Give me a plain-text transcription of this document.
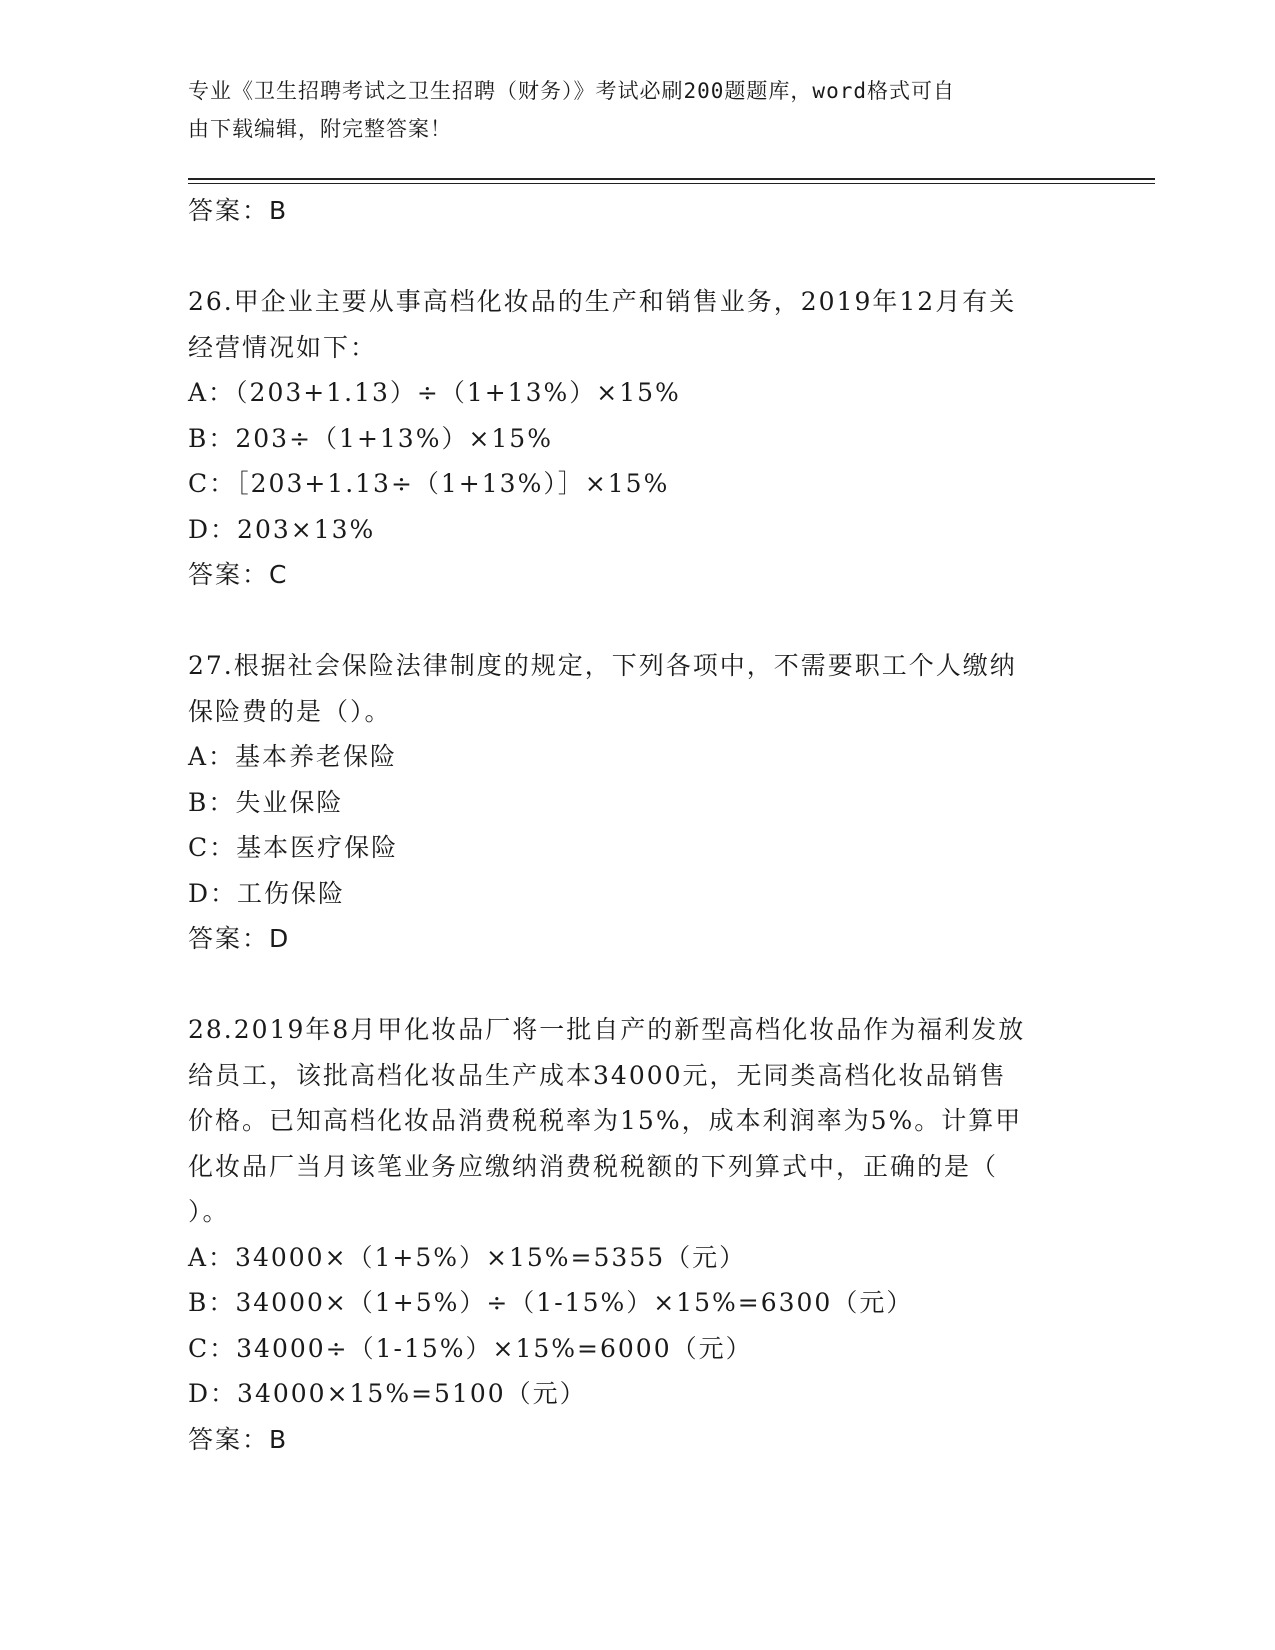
专业《卫生招聘考试之卫生招聘（财务）》考试必刷200题题库，word格式可自
由下载编辑，附完整答案！
答案：B
26.甲企业主要从事高档化妆品的生产和销售业务，2019年12月有关
经营情况如下：
A：（203+1.13）÷（1+13%）×15%
B：203÷（1+13%）×15%
C：［203+1.13÷（1+13%）］×15%
D：203×13%
答案：C
27.根据社会保险法律制度的规定，下列各项中，不需要职工个人缴纳
保险费的是（）。
A：基本养老保险
B：失业保险
C：基本医疗保险
D：工伤保险
答案：D
28.2019年8月甲化妆品厂将一批自产的新型高档化妆品作为福利发放
给员工，该批高档化妆品生产成本34000元，无同类高档化妆品销售
价格。已知高档化妆品消费税税率为15%，成本利润率为5%。计算甲
化妆品厂当月该笔业务应缴纳消费税税额的下列算式中，正确的是（
）。
A：34000×（1+5%）×15%=5355（元）
B：34000×（1+5%）÷（1-15%）×15%=6300（元）
C：34000÷（1-15%）×15%=6000（元）
D：34000×15%=5100（元）
答案：B
